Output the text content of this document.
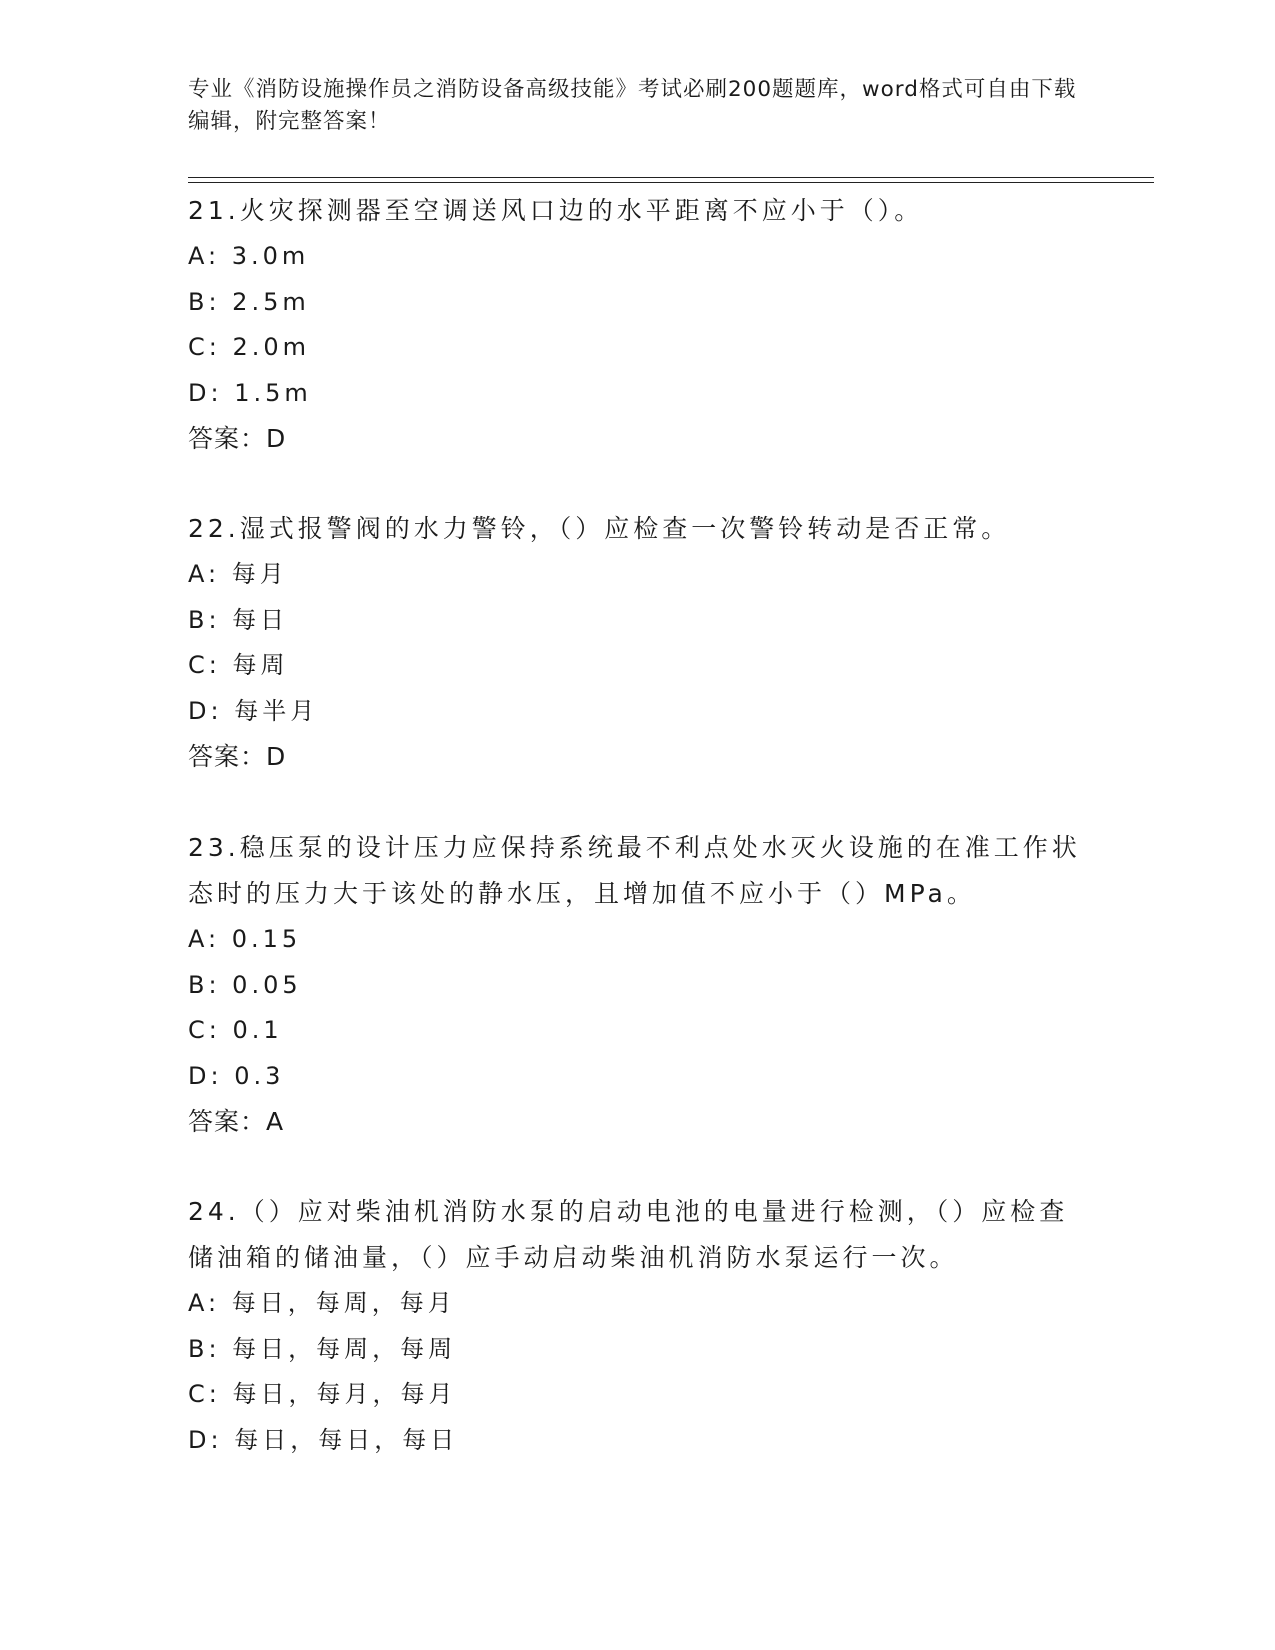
专业《消防设施操作员之消防设备高级技能》考试必刷200题题库，word格式可自由下载编辑，附完整答案！

21.火灾探测器至空调送风口边的水平距离不应小于（）。

A: 3.0m

B: 2.5m

C: 2.0m

D: 1.5m

答案：D

22.湿式报警阀的水力警铃，（）应检查一次警铃转动是否正常。

A: 每月

B: 每日

C: 每周

D: 每半月

答案：D

23.稳压泵的设计压力应保持系统最不利点处水灭火设施的在准工作状态时的压力大于该处的静水压，且增加值不应小于（）MPa。

A: 0.15

B: 0.05

C: 0.1

D: 0.3

答案：A

24.（）应对柴油机消防水泵的启动电池的电量进行检测，（）应检查储油箱的储油量，（）应手动启动柴油机消防水泵运行一次。

A: 每日，每周，每月

B: 每日，每周，每周

C: 每日，每月，每月

D: 每日，每日，每日
